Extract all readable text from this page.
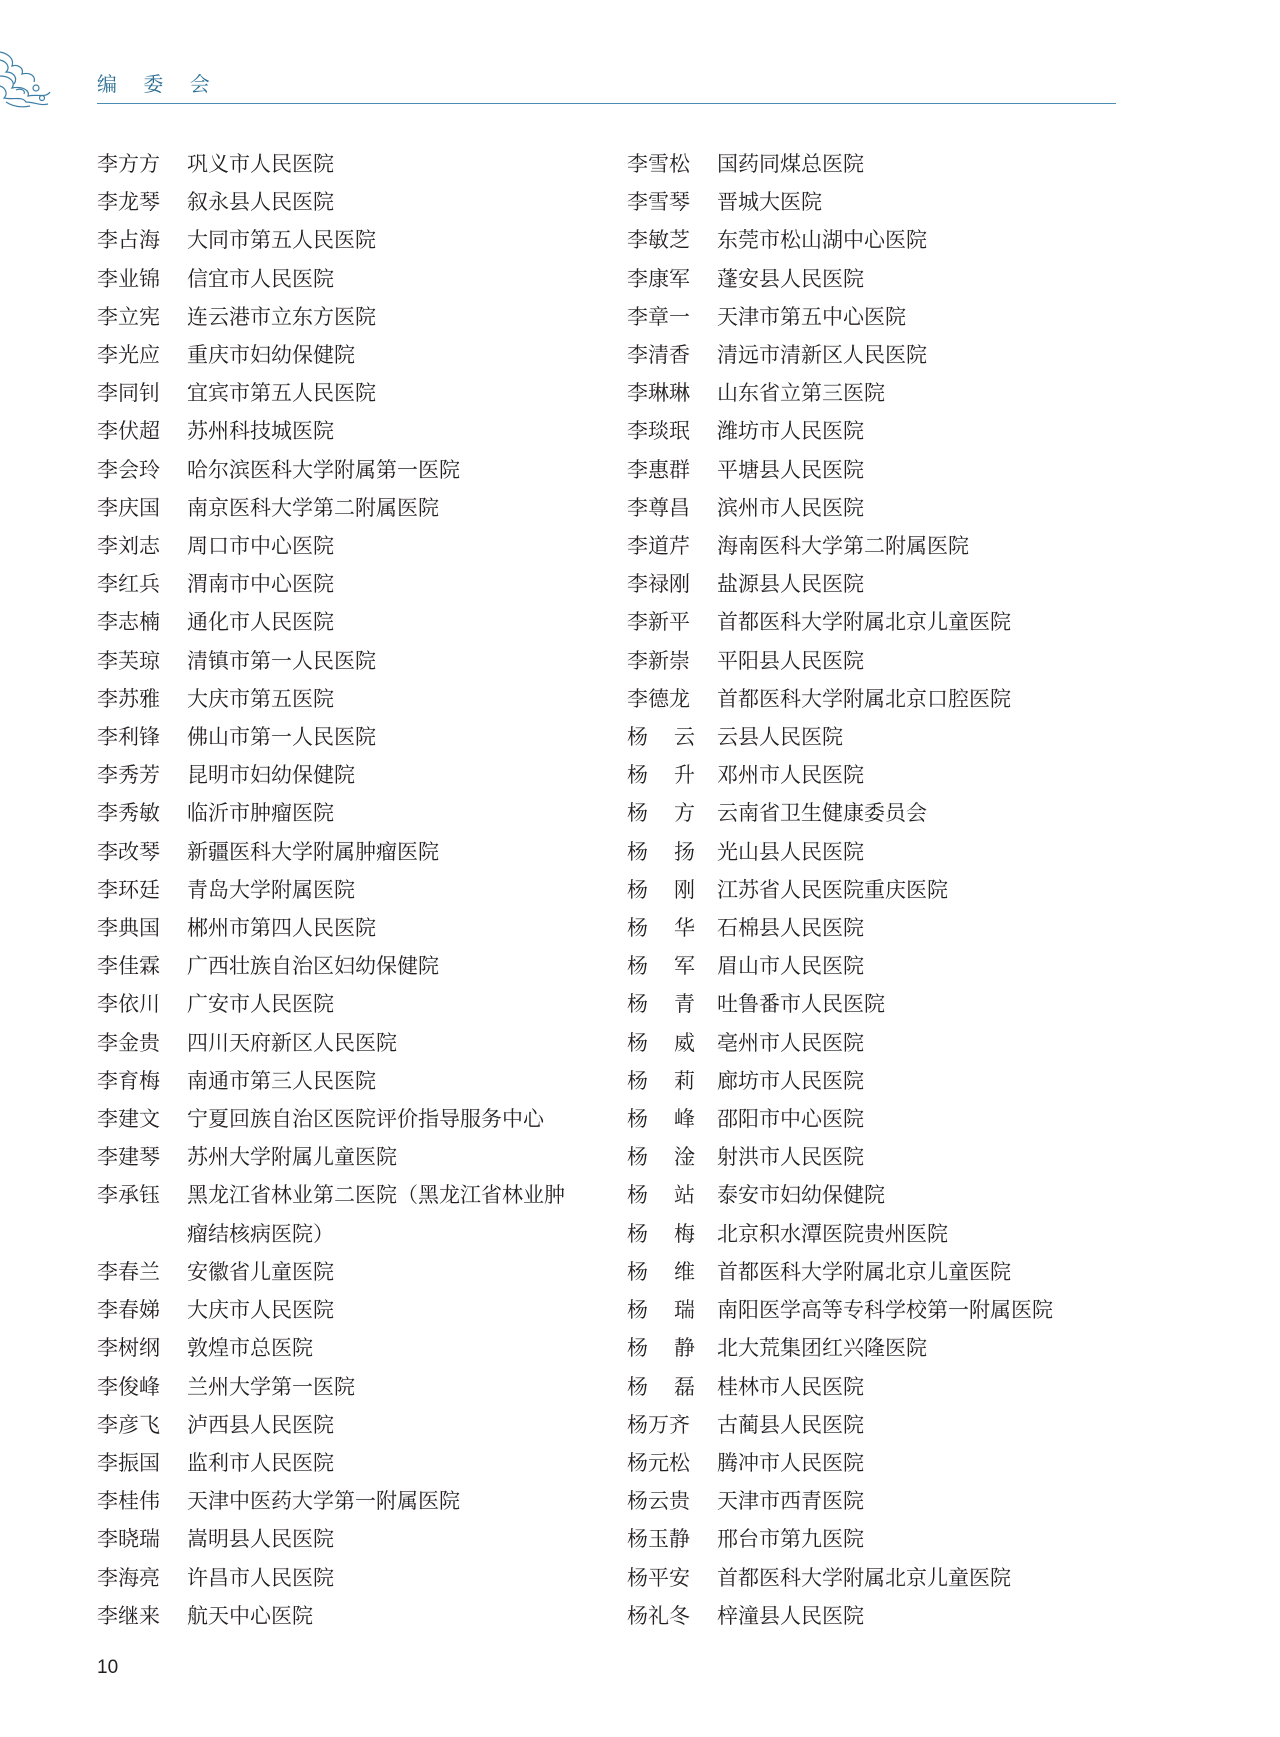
编 委 会
李方方	巩义市人民医院
李龙琴	叙永县人民医院
李占海	大同市第五人民医院
李业锦	信宜市人民医院
李立宪	连云港市立东方医院
李光应	重庆市妇幼保健院
李同钊	宜宾市第五人民医院
李伏超	苏州科技城医院
李会玲	哈尔滨医科大学附属第一医院
李庆国	南京医科大学第二附属医院
李刘志	周口市中心医院
李红兵	渭南市中心医院
李志楠	通化市人民医院
李芙琼	清镇市第一人民医院
李苏雅	大庆市第五医院
李利锋	佛山市第一人民医院
李秀芳	昆明市妇幼保健院
李秀敏	临沂市肿瘤医院
李改琴	新疆医科大学附属肿瘤医院
李环廷	青岛大学附属医院
李典国	郴州市第四人民医院
李佳霖	广西壮族自治区妇幼保健院
李依川	广安市人民医院
李金贵	四川天府新区人民医院
李育梅	南通市第三人民医院
李建文	宁夏回族自治区医院评价指导服务中心
李建琴	苏州大学附属儿童医院
李承钰	黑龙江省林业第二医院（黑龙江省林业肿瘤结核病医院）
李春兰	安徽省儿童医院
李春娣	大庆市人民医院
李树纲	敦煌市总医院
李俊峰	兰州大学第一医院
李彦飞	泸西县人民医院
李振国	监利市人民医院
李桂伟	天津中医药大学第一附属医院
李晓瑞	嵩明县人民医院
李海亮	许昌市人民医院
李继来	航天中心医院
李雪松	国药同煤总医院
李雪琴	晋城大医院
李敏芝	东莞市松山湖中心医院
李康军	蓬安县人民医院
李章一	天津市第五中心医院
李清香	清远市清新区人民医院
李琳琳	山东省立第三医院
李琰珉	潍坊市人民医院
李惠群	平塘县人民医院
李尊昌	滨州市人民医院
李道芹	海南医科大学第二附属医院
李禄刚	盐源县人民医院
李新平	首都医科大学附属北京儿童医院
李新崇	平阳县人民医院
李德龙	首都医科大学附属北京口腔医院
杨云 云县人民医院
杨升 邓州市人民医院
杨方 云南省卫生健康委员会
杨扬 光山县人民医院
杨刚 江苏省人民医院重庆医院
杨华 石棉县人民医院
杨军 眉山市人民医院
杨青 吐鲁番市人民医院
杨威 亳州市人民医院
杨莉 廊坊市人民医院
杨峰 邵阳市中心医院
杨淦 射洪市人民医院
杨站 泰安市妇幼保健院
杨梅 北京积水潭医院贵州医院
杨维 首都医科大学附属北京儿童医院
杨瑞 南阳医学高等专科学校第一附属医院
杨静 北大荒集团红兴隆医院
杨磊 桂林市人民医院
杨万齐	古蔺县人民医院
杨元松	腾冲市人民医院
杨云贵	天津市西青医院
杨玉静	邢台市第九医院
杨平安	首都医科大学附属北京儿童医院
杨礼冬	梓潼县人民医院
10
